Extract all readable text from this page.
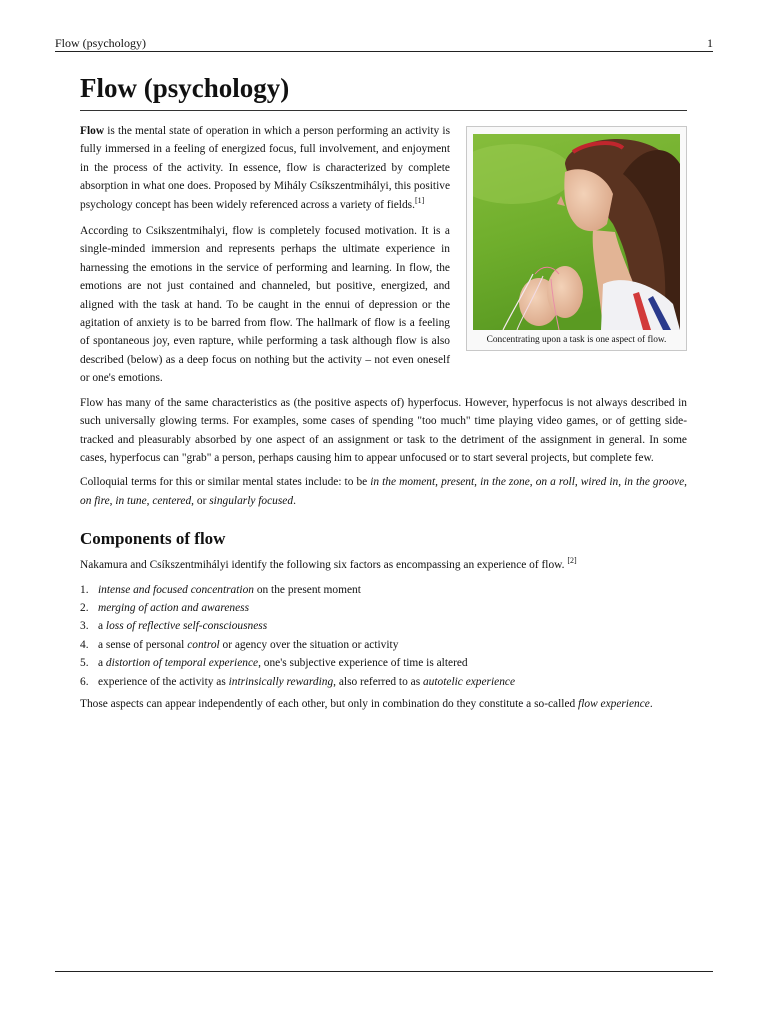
Flow (psychology)	1
Flow (psychology)
Concentrating upon a task is one aspect of flow.

Flow is the mental state of operation in which a person performing an activity is fully immersed in a feeling of energized focus, full involvement, and enjoyment in the process of the activity. In essence, flow is characterized by complete absorption in what one does. Proposed by Mihály Csíkszentmihályi, this positive psychology concept has been widely referenced across a variety of fields.[1]

According to Csikszentmihalyi, flow is completely focused motivation. It is a single-minded immersion and represents perhaps the ultimate experience in harnessing the emotions in the service of performing and learning. In flow, the emotions are not just contained and channeled, but positive, energized, and aligned with the task at hand. To be caught in the ennui of depression or the agitation of anxiety is to be barred from flow. The hallmark of flow is a feeling of spontaneous joy, even rapture, while performing a task although flow is also described (below) as a deep focus on nothing but the activity – not even oneself or one's emotions.

Flow has many of the same characteristics as (the positive aspects of) hyperfocus. However, hyperfocus is not always described in such universally glowing terms. For examples, some cases of spending "too much" time playing video games, or of getting side-tracked and pleasurably absorbed by one aspect of an assignment or task to the detriment of the assignment in general. In some cases, hyperfocus can "grab" a person, perhaps causing him to appear unfocused or to start several projects, but complete few.

Colloquial terms for this or similar mental states include: to be in the moment, present, in the zone, on a roll, wired in, in the groove, on fire, in tune, centered, or singularly focused.

Components of flow

Nakamura and Csíkszentmihályi identify the following six factors as encompassing an experience of flow. [2]

1. intense and focused concentration on the present moment
2. merging of action and awareness
3. a loss of reflective self-consciousness
4. a sense of personal control or agency over the situation or activity
5. a distortion of temporal experience, one's subjective experience of time is altered
6. experience of the activity as intrinsically rewarding, also referred to as autotelic experience

Those aspects can appear independently of each other, but only in combination do they constitute a so-called flow experience.
